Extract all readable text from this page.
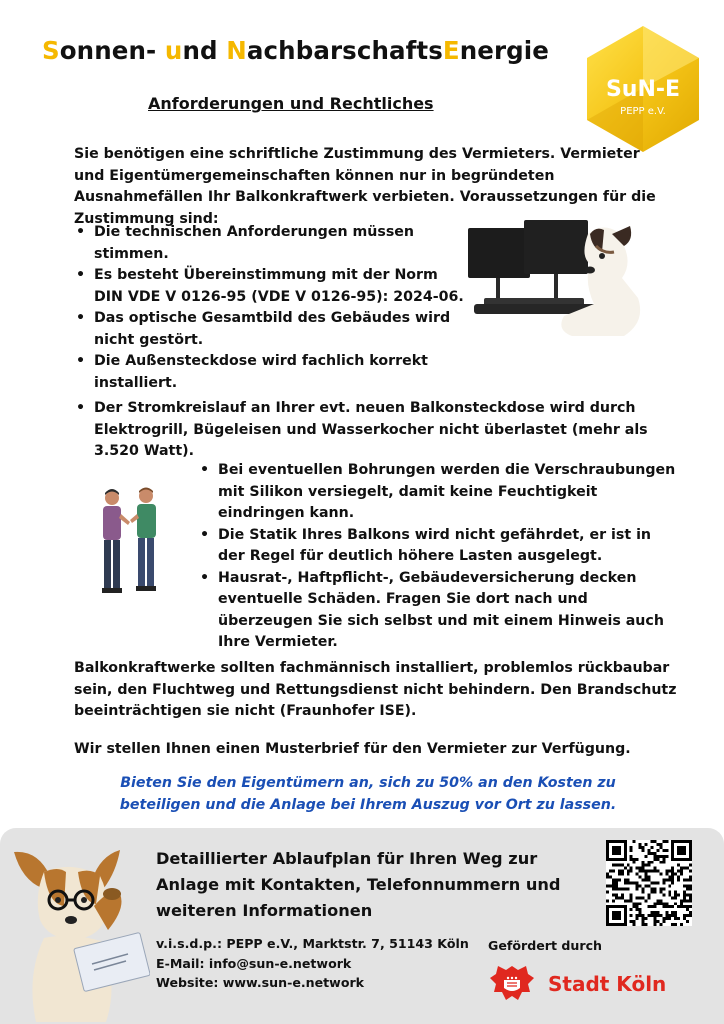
Sonnen- und NachbarschaftsEnergie
SuN-E
PEPP e.V.
Anforderungen und Rechtliches

Sie benötigen eine schriftliche Zustimmung des Vermieters. Vermieter und Eigentümergemeinschaften können nur in begründeten Ausnahmefällen Ihr Balkonkraftwerk verbieten. Voraussetzungen für die Zustimmung sind:

• Die technischen Anforderungen müssen stimmen.
• Es besteht Übereinstimmung mit der Norm DIN VDE V 0126-95 (VDE V 0126-95): 2024-06.
• Das optische Gesamtbild des Gebäudes wird nicht gestört.
• Die Außensteckdose wird fachlich korrekt installiert.
• Der Stromkreislauf an Ihrer evt. neuen Balkonsteckdose wird durch Elektrogrill, Bügeleisen und Wasserkocher nicht überlastet (mehr als 3.520 Watt).
• Bei eventuellen Bohrungen werden die Verschraubungen mit Silikon versiegelt, damit keine Feuchtigkeit eindringen kann.
• Die Statik Ihres Balkons wird nicht gefährdet, er ist in der Regel für deutlich höhere Lasten ausgelegt.
• Hausrat-, Haftpflicht-, Gebäudeversicherung decken eventuelle Schäden. Fragen Sie dort nach und überzeugen Sie sich selbst und mit einem Hinweis auch Ihre Vermieter.

Balkonkraftwerke sollten fachmännisch installiert, problemlos rückbaubar sein, den Fluchtweg und Rettungsdienst nicht behindern. Den Brandschutz beeinträchtigen sie nicht (Fraunhofer ISE).

Wir stellen Ihnen einen Musterbrief für den Vermieter zur Verfügung.

Bieten Sie den Eigentümern an, sich zu 50% an den Kosten zu beteiligen und die Anlage bei Ihrem Auszug vor Ort zu lassen.

Detaillierter Ablaufplan für Ihren Weg zur Anlage mit Kontakten, Telefonnummern und weiteren Informationen
v.i.s.d.p.: PEPP e.V., Marktstr. 7, 51143 Köln
E-Mail: info@sun-e.network
Website: www.sun-e.network
Gefördert durch
Stadt Köln
